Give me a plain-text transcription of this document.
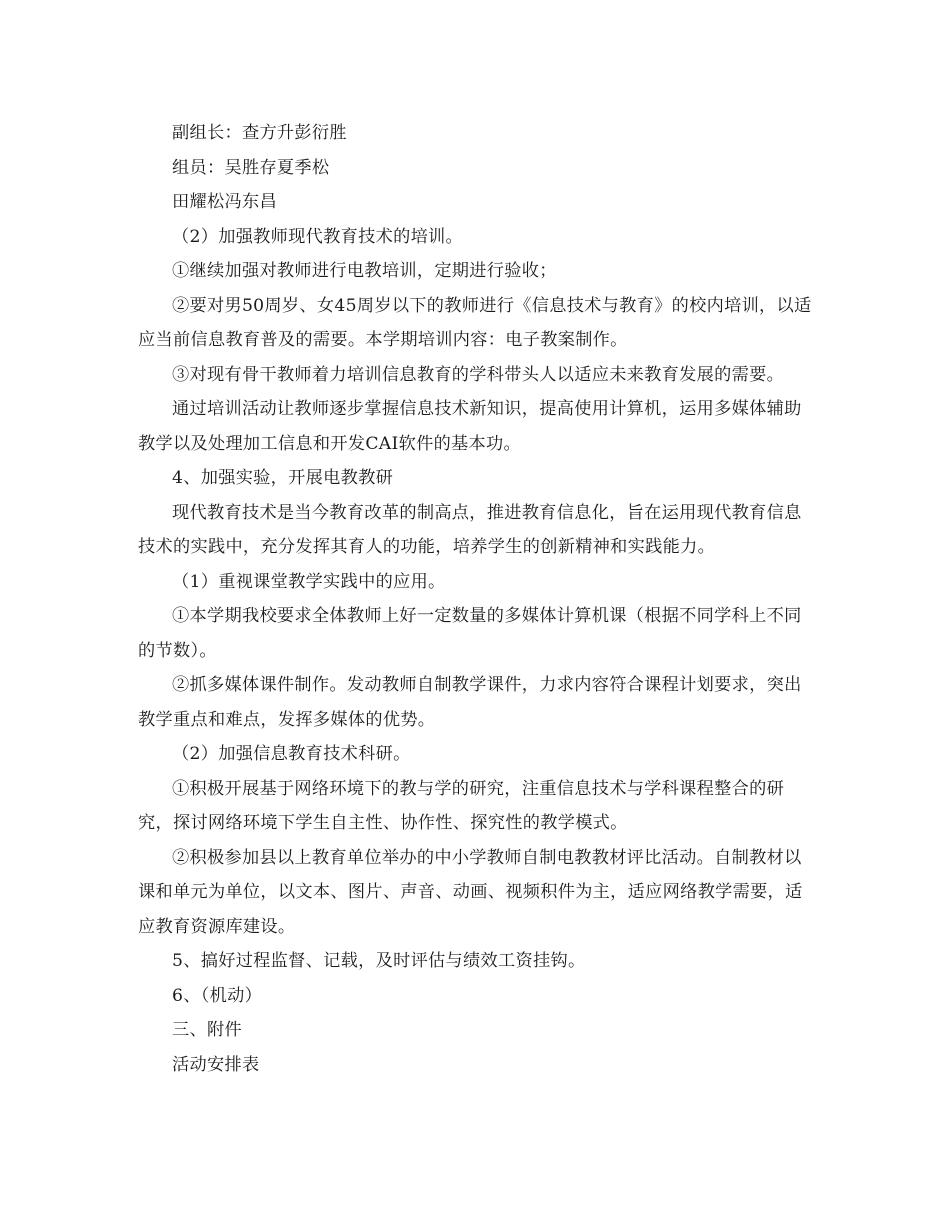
副组长：查方升彭衍胜

组员：吴胜存夏季松

田耀松冯东昌

（2）加强教师现代教育技术的培训。

①继续加强对教师进行电教培训，定期进行验收；

②要对男50周岁、女45周岁以下的教师进行《信息技术与教育》的校内培训，以适应当前信息教育普及的需要。本学期培训内容：电子教案制作。

③对现有骨干教师着力培训信息教育的学科带头人以适应未来教育发展的需要。

通过培训活动让教师逐步掌握信息技术新知识，提高使用计算机，运用多媒体辅助教学以及处理加工信息和开发CAI软件的基本功。

4、加强实验，开展电教教研

现代教育技术是当今教育改革的制高点，推进教育信息化，旨在运用现代教育信息技术的实践中，充分发挥其育人的功能，培养学生的创新精神和实践能力。

（1）重视课堂教学实践中的应用。

①本学期我校要求全体教师上好一定数量的多媒体计算机课（根据不同学科上不同的节数）。

②抓多媒体课件制作。发动教师自制教学课件，力求内容符合课程计划要求，突出教学重点和难点，发挥多媒体的优势。

（2）加强信息教育技术科研。

①积极开展基于网络环境下的教与学的研究，注重信息技术与学科课程整合的研究，探讨网络环境下学生自主性、协作性、探究性的教学模式。

②积极参加县以上教育单位举办的中小学教师自制电教教材评比活动。自制教材以课和单元为单位，以文本、图片、声音、动画、视频积件为主，适应网络教学需要，适应教育资源库建设。

5、搞好过程监督、记载，及时评估与绩效工资挂钩。

6、（机动）

三、附件

活动安排表
